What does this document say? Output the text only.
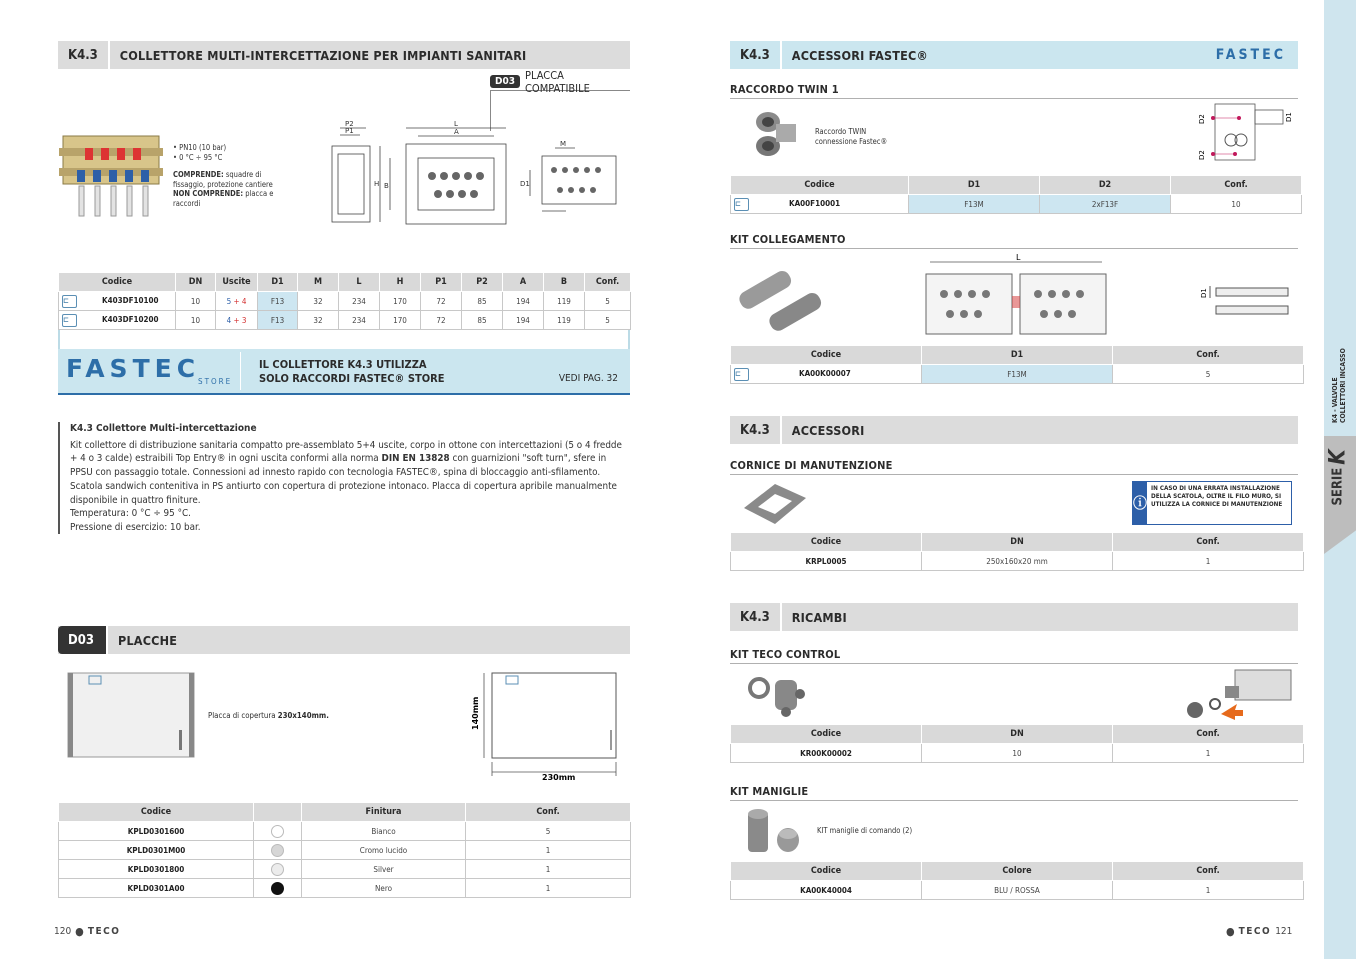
K4.3	COLLETTORE MULTI-INTERCETTAZIONE PER IMPIANTI SANITARI
D03 PLACCA COMPATIBILE
• PN10 (10 bar)
• 0 °C ÷ 95 °C
COMPRENDE: squadre di fissaggio, protezione cantiere
NON COMPRENDE: placca e raccordi
P2
P1
L
A
H B
M
D1
Codice	DN	Uscite	D1	M	L	H	P1	P2	A	B	Conf.
⊏ K403DF10100	10	5 + 4	F13	32	234	170	72	85	194	119	5
⊏ K403DF10200	10	4 + 3	F13	32	234	170	72	85	194	119	5
FASTEC
STORE
IL COLLETTORE K4.3 UTILIZZA
SOLO RACCORDI FASTEC® STORE	VEDI PAG. 32
K4.3 Collettore Multi-intercettazione
Kit collettore di distribuzione sanitaria compatto pre-assemblato 5+4 uscite, corpo in ottone con intercettazioni (5 o 4 fredde + 4 o 3 calde) estraibili Top Entry® in ogni uscita conformi alla norma DIN EN 13828 con guarnizioni "soft turn", sfere in PPSU con passaggio totale. Connessioni ad innesto rapido con tecnologia FASTEC®, spina di bloccaggio anti-sfilamento. Scatola sandwich contenitiva in PS antiurto con copertura di protezione intonaco. Placca di copertura apribile manualmente disponibile in quattro finiture.
Temperatura: 0 °C ÷ 95 °C.
Pressione di esercizio: 10 bar.
D03	PLACCHE
Placca di copertura 230x140mm.	140mm
230mm
Codice		Finitura	Conf.
KPLD0301600		Bianco	5
KPLD0301M00		Cromo lucido	1
KPLD0301800		Silver	1
KPLD0301A00		Nero	1
120 ● TECO
K4.3	ACCESSORI FASTEC®	FASTEC
RACCORDO TWIN 1
Raccordo TWIN
connessione Fastec®
D2
D2
D1
Codice	D1	D2	Conf.
⊏ KA00F10001	F13M	2xF13F	10
KIT COLLEGAMENTO
L
D1
Codice	D1	Conf.
⊏ KA00K00007	F13M	5
K4.3	ACCESSORI
CORNICE DI MANUTENZIONE
ⓘ
IN CASO DI UNA ERRATA INSTALLAZIONE DELLA SCATOLA, OLTRE IL FILO MURO, SI UTILIZZA LA CORNICE DI MANUTENZIONE
Codice	DN	Conf.
KRPL0005	250x160x20 mm	1
K4.3	RICAMBI
KIT TECO CONTROL
Codice	DN	Conf.
KR00K00002	10	1
KIT MANIGLIE
KIT maniglie di comando (2)
Codice	Colore	Conf.
KA00K40004	BLU / ROSSA	1
● TECO 121
SERIE
K
K4 - VALVOLE COLLETTORI INCASSO
